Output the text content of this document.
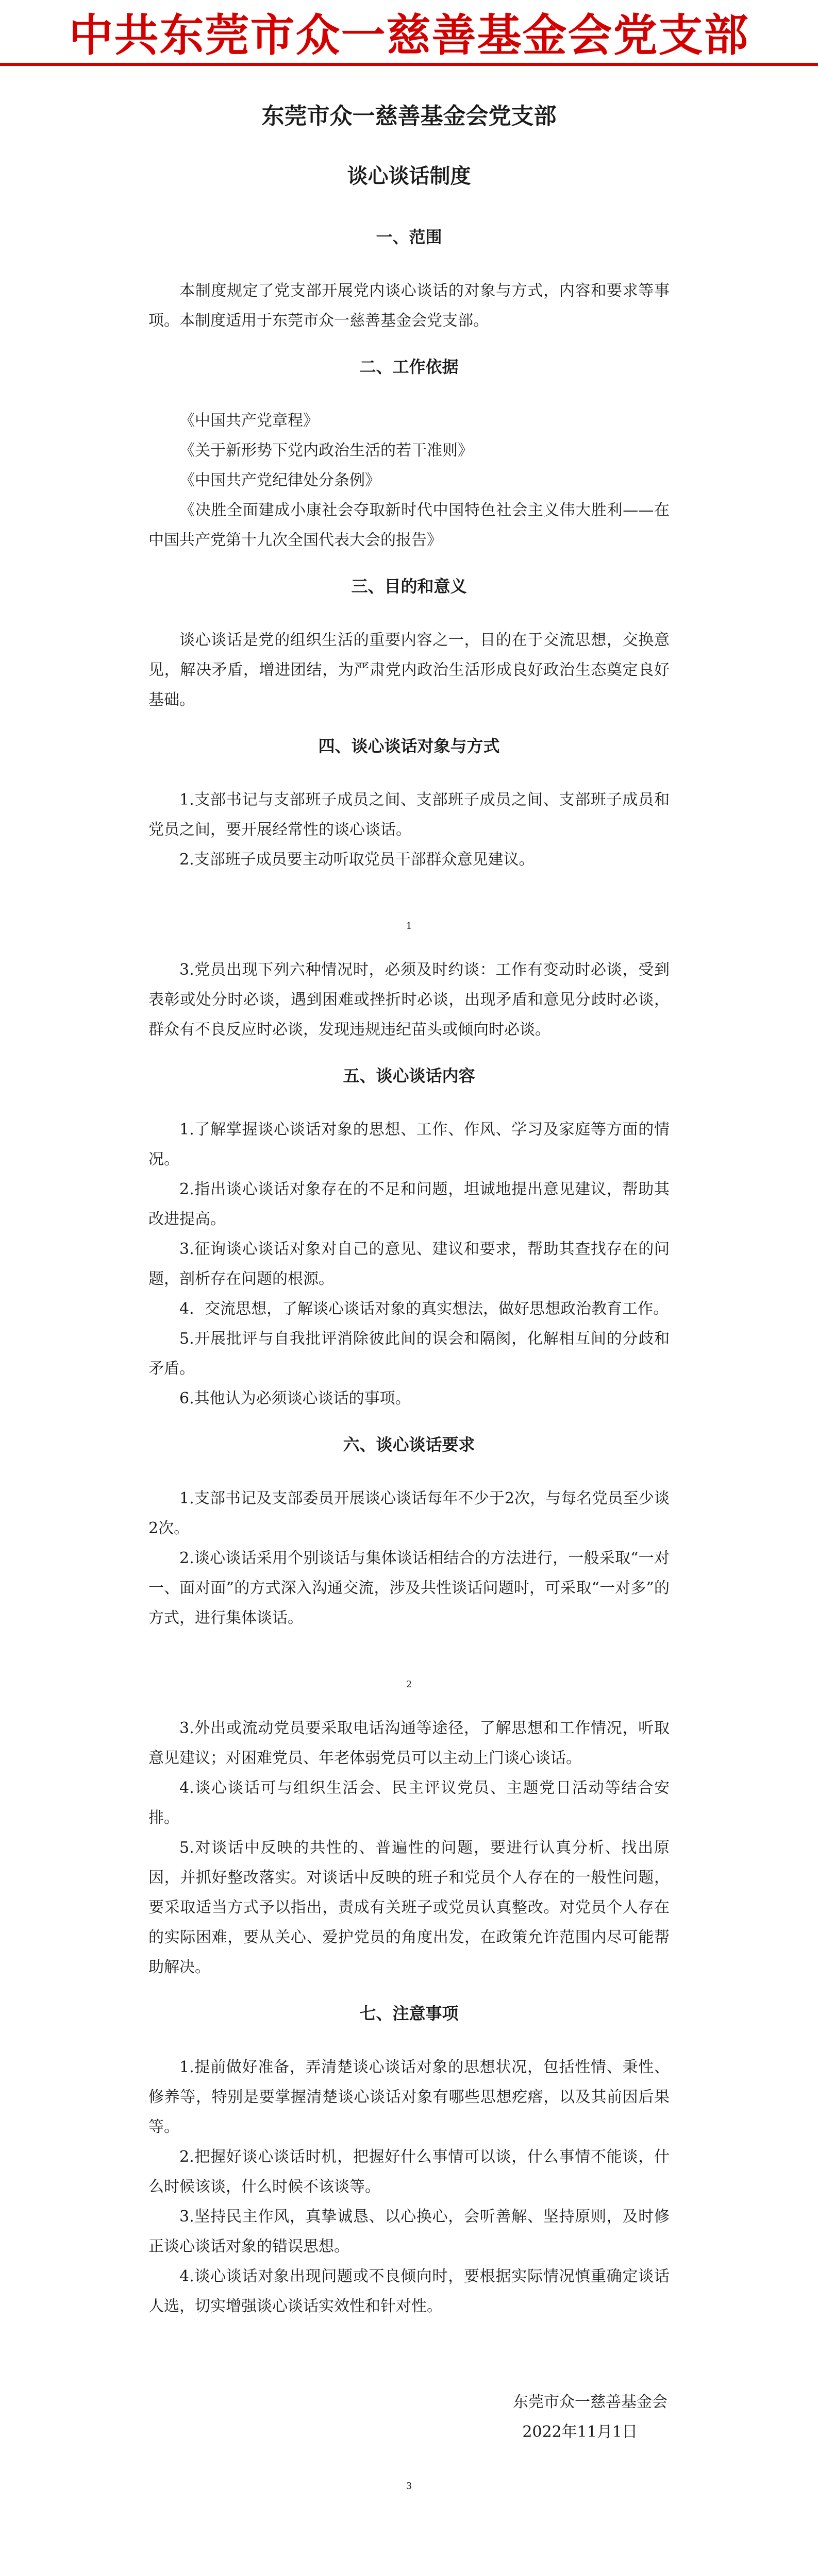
中共东莞市众一慈善基金会党支部
东莞市众一慈善基金会党支部
谈心谈话制度
一、范围

本制度规定了党支部开展党内谈心谈话的对象与方式，内容和要求等事项。本制度适用于东莞市众一慈善基金会党支部。

二、工作依据

《中国共产党章程》

《关于新形势下党内政治生活的若干准则》

《中国共产党纪律处分条例》

《决胜全面建成小康社会夺取新时代中国特色社会主义伟大胜利——在中国共产党第十九次全国代表大会的报告》

三、目的和意义

谈心谈话是党的组织生活的重要内容之一，目的在于交流思想，交换意见，解决矛盾，增进团结，为严肃党内政治生活形成良好政治生态奠定良好基础。

四、谈心谈话对象与方式

1.支部书记与支部班子成员之间、支部班子成员之间、支部班子成员和党员之间，要开展经常性的谈心谈话。

2.支部班子成员要主动听取党员干部群众意见建议。

1

3.党员出现下列六种情况时，必须及时约谈：工作有变动时必谈，受到表彰或处分时必谈，遇到困难或挫折时必谈，出现矛盾和意见分歧时必谈，群众有不良反应时必谈，发现违规违纪苗头或倾向时必谈。

五、谈心谈话内容

1.了解掌握谈心谈话对象的思想、工作、作风、学习及家庭等方面的情况。

2.指出谈心谈话对象存在的不足和问题，坦诚地提出意见建议，帮助其改进提高。

3.征询谈心谈话对象对自己的意见、建议和要求，帮助其查找存在的问题，剖析存在问题的根源。

4．交流思想，了解谈心谈话对象的真实想法，做好思想政治教育工作。

5.开展批评与自我批评消除彼此间的误会和隔阂，化解相互间的分歧和矛盾。

6.其他认为必须谈心谈话的事项。

六、谈心谈话要求

1.支部书记及支部委员开展谈心谈话每年不少于2次，与每名党员至少谈2次。

2.谈心谈话采用个别谈话与集体谈话相结合的方法进行，一般采取“一对一、面对面”的方式深入沟通交流，涉及共性谈话问题时，可采取“一对多”的方式，进行集体谈话。

2

3.外出或流动党员要采取电话沟通等途径，了解思想和工作情况，听取意见建议；对困难党员、年老体弱党员可以主动上门谈心谈话。

4.谈心谈话可与组织生活会、民主评议党员、主题党日活动等结合安排。

5.对谈话中反映的共性的、普遍性的问题，要进行认真分析、找出原因，并抓好整改落实。对谈话中反映的班子和党员个人存在的一般性问题，要采取适当方式予以指出，责成有关班子或党员认真整改。对党员个人存在的实际困难，要从关心、爱护党员的角度出发，在政策允许范围内尽可能帮助解决。

七、注意事项

1.提前做好准备，弄清楚谈心谈话对象的思想状况，包括性情、秉性、修养等，特别是要掌握清楚谈心谈话对象有哪些思想疙瘩，以及其前因后果等。

2.把握好谈心谈话时机，把握好什么事情可以谈，什么事情不能谈，什么时候该谈，什么时候不该谈等。

3.坚持民主作风，真挚诚恳、以心换心，会听善解、坚持原则，及时修正谈心谈话对象的错误思想。

4.谈心谈话对象出现问题或不良倾向时，要根据实际情况慎重确定谈话人选，切实增强谈心谈话实效性和针对性。

东莞市众一慈善基金会

2022年11月1日

3
